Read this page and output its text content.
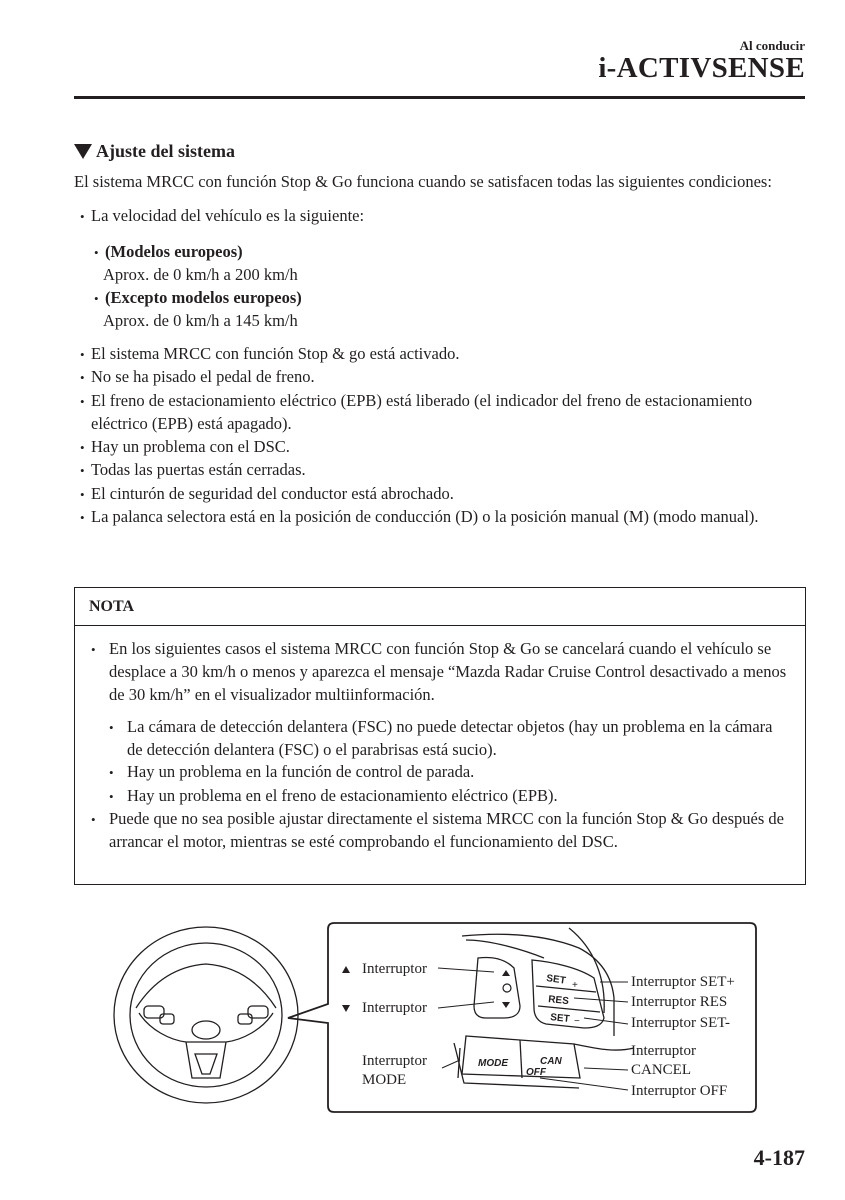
Al conducir
i-ACTIVSENSE
Ajuste del sistema

El sistema MRCC con función Stop & Go funciona cuando se satisfacen todas las siguientes condiciones:

• La velocidad del vehículo es la siguiente:
• (Modelos europeos)
Aprox. de 0 km/h a 200 km/h
• (Excepto modelos europeos)
Aprox. de 0 km/h a 145 km/h
• El sistema MRCC con función Stop & go está activado.
• No se ha pisado el pedal de freno.
• El freno de estacionamiento eléctrico (EPB) está liberado (el indicador del freno de estacionamiento eléctrico (EPB) está apagado).
• Hay un problema con el DSC.
• Todas las puertas están cerradas.
• El cinturón de seguridad del conductor está abrochado.
• La palanca selectora está en la posición de conducción (D) o la posición manual (M) (modo manual).
NOTA
• En los siguientes casos el sistema MRCC con función Stop & Go se cancelará cuando el vehículo se desplace a 30 km/h o menos y aparezca el mensaje “Mazda Radar Cruise Control desactivado a menos de 30 km/h” en el visualizador multiinformación.
• La cámara de detección delantera (FSC) no puede detectar objetos (hay un problema en la cámara de detección delantera (FSC) o el parabrisas está sucio).
• Hay un problema en la función de control de parada.
• Hay un problema en el freno de estacionamiento eléctrico (EPB).
• Puede que no sea posible ajustar directamente el sistema MRCC con la función Stop & Go después de arrancar el motor, mientras se esté comprobando el funcionamiento del DSC.
SET +
RES
SET −
MODE	CAN
OFF
Interruptor
Interruptor
Interruptor
MODE
Interruptor SET+
Interruptor RES
Interruptor SET-
Interruptor
CANCEL
Interruptor OFF
4-187
